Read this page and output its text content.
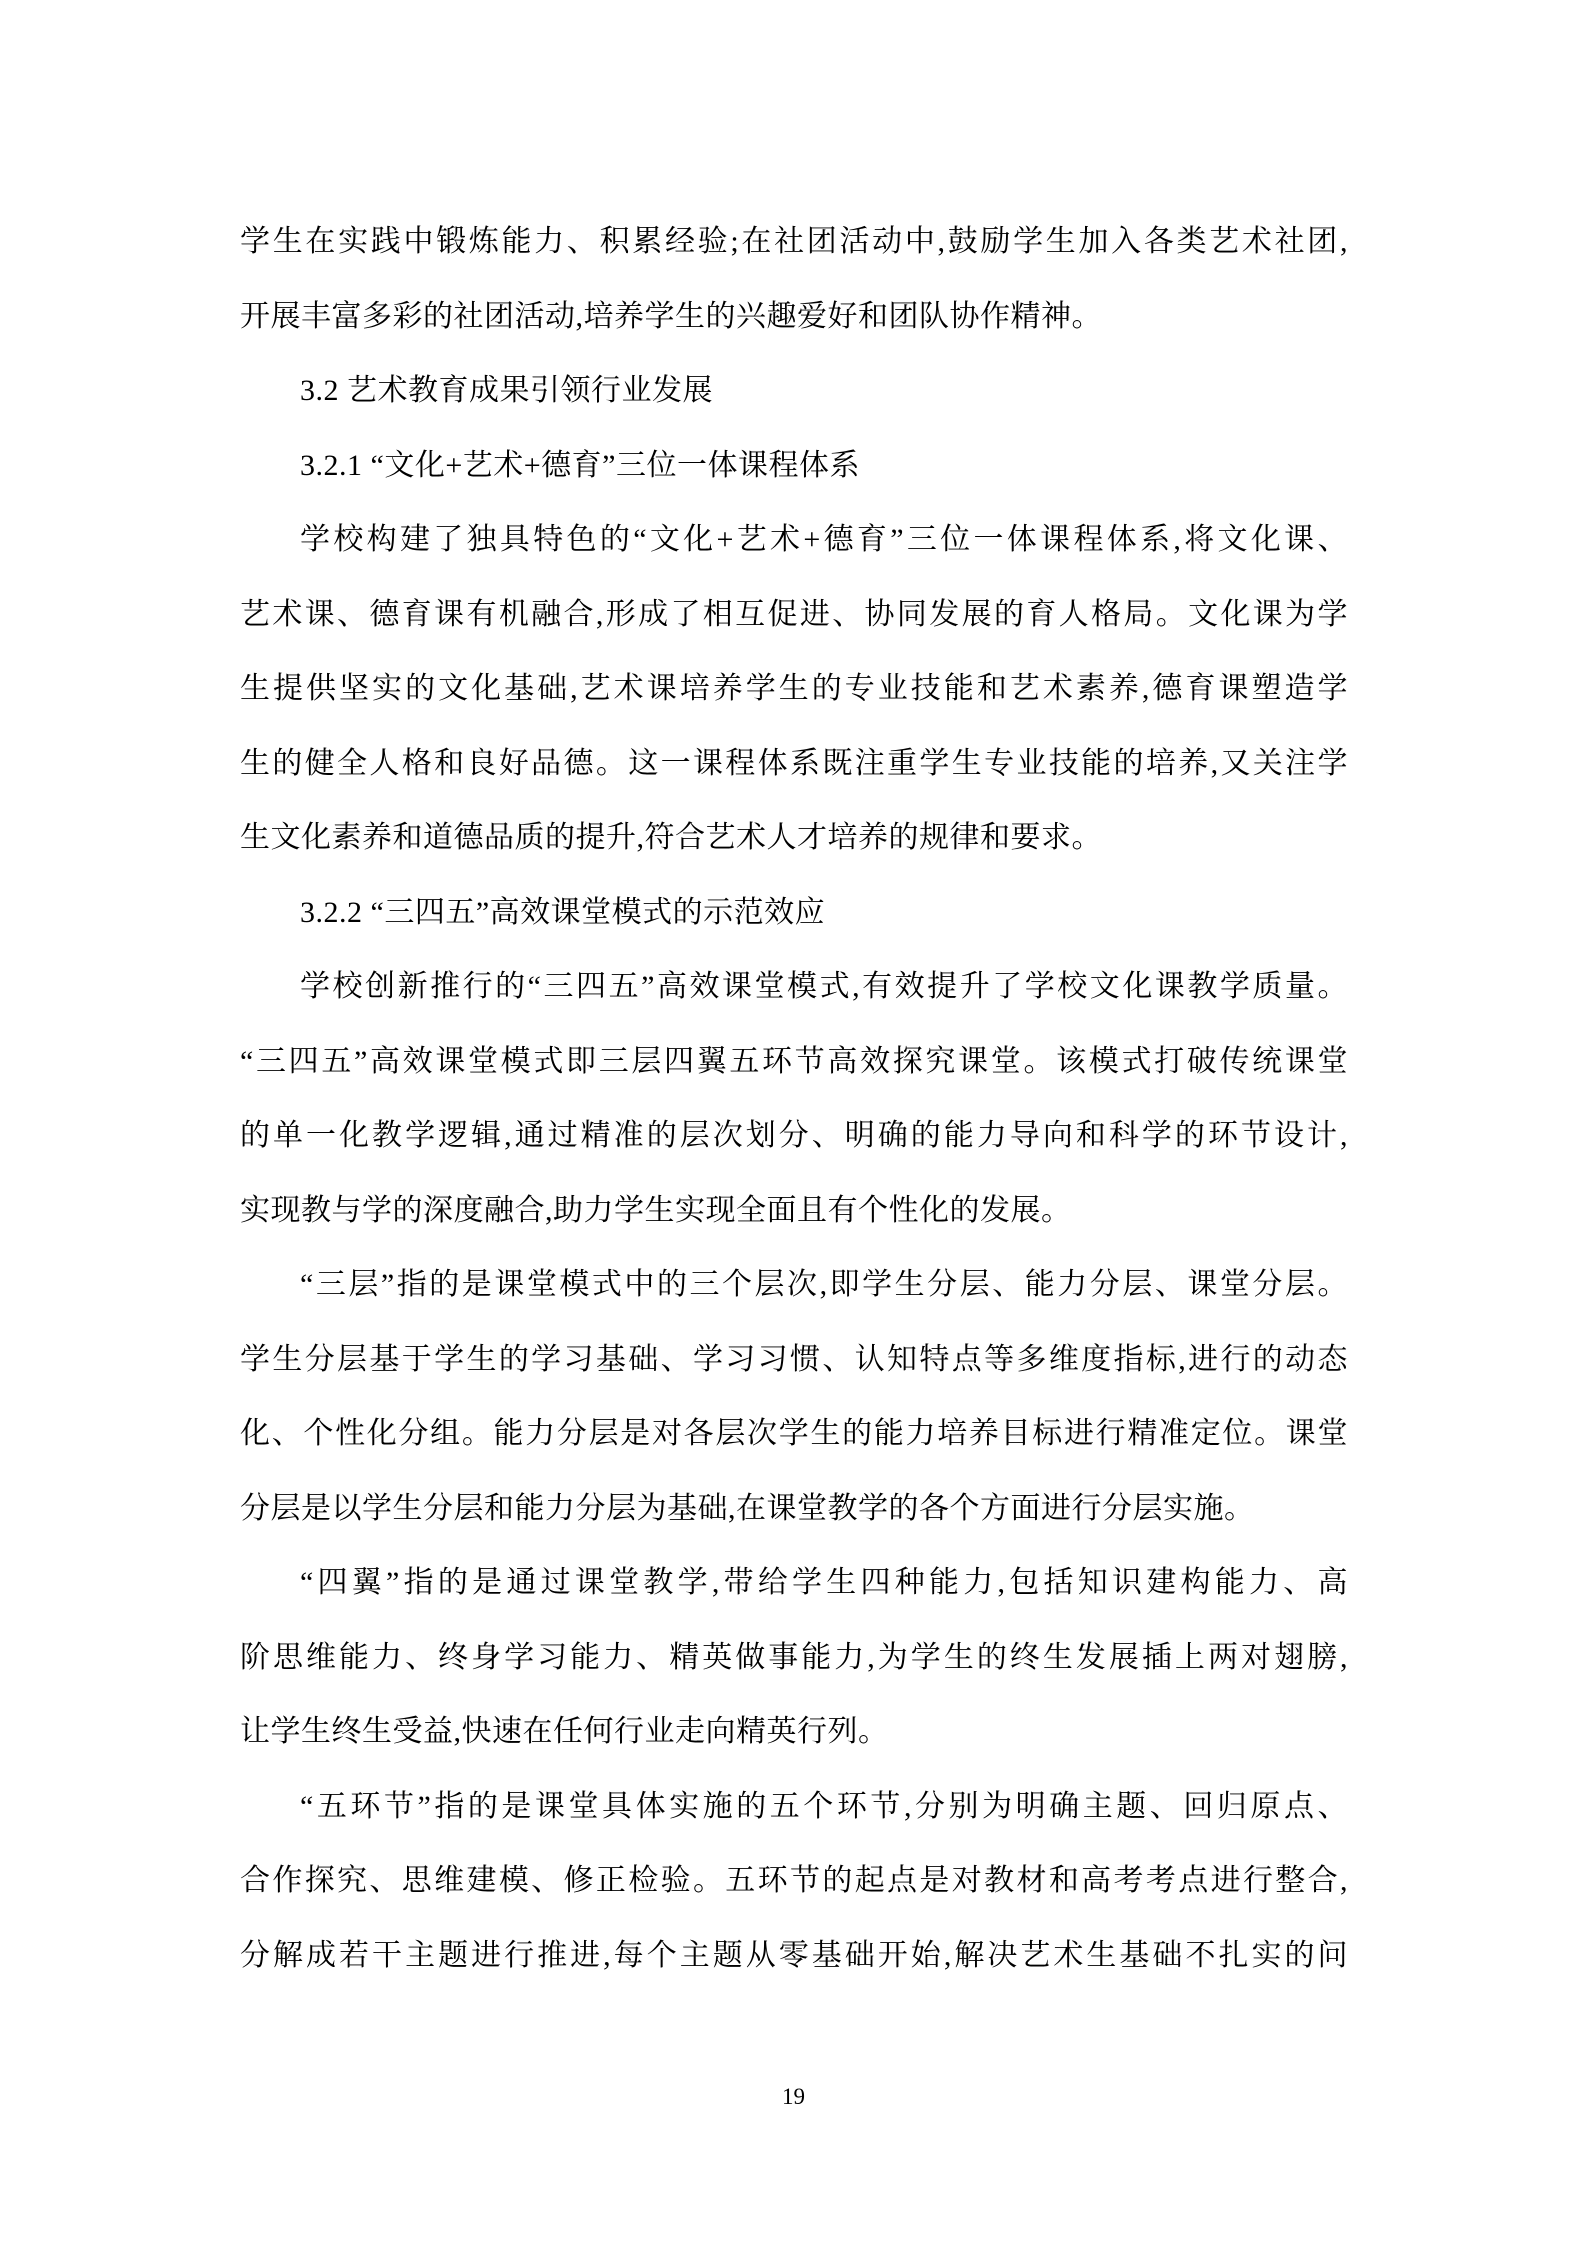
学生在实践中锻炼能力、积累经验;在社团活动中,鼓励学生加入各类艺术社团,
开展丰富多彩的社团活动,培养学生的兴趣爱好和团队协作精神。
3.2 艺术教育成果引领行业发展
3.2.1 “文化+艺术+德育”三位一体课程体系
学校构建了独具特色的“文化+艺术+德育”三位一体课程体系,将文化课、
艺术课、德育课有机融合,形成了相互促进、协同发展的育人格局。文化课为学
生提供坚实的文化基础,艺术课培养学生的专业技能和艺术素养,德育课塑造学
生的健全人格和良好品德。这一课程体系既注重学生专业技能的培养,又关注学
生文化素养和道德品质的提升,符合艺术人才培养的规律和要求。
3.2.2 “三四五”高效课堂模式的示范效应
学校创新推行的“三四五”高效课堂模式,有效提升了学校文化课教学质量。
“三四五”高效课堂模式即三层四翼五环节高效探究课堂。该模式打破传统课堂
的单一化教学逻辑,通过精准的层次划分、明确的能力导向和科学的环节设计,
实现教与学的深度融合,助力学生实现全面且有个性化的发展。
“三层”指的是课堂模式中的三个层次,即学生分层、能力分层、课堂分层。
学生分层基于学生的学习基础、学习习惯、认知特点等多维度指标,进行的动态
化、个性化分组。能力分层是对各层次学生的能力培养目标进行精准定位。课堂
分层是以学生分层和能力分层为基础,在课堂教学的各个方面进行分层实施。
“四翼”指的是通过课堂教学,带给学生四种能力,包括知识建构能力、高
阶思维能力、终身学习能力、精英做事能力,为学生的终生发展插上两对翅膀,
让学生终生受益,快速在任何行业走向精英行列。
“五环节”指的是课堂具体实施的五个环节,分别为明确主题、回归原点、
合作探究、思维建模、修正检验。五环节的起点是对教材和高考考点进行整合,
分解成若干主题进行推进,每个主题从零基础开始,解决艺术生基础不扎实的问
19
